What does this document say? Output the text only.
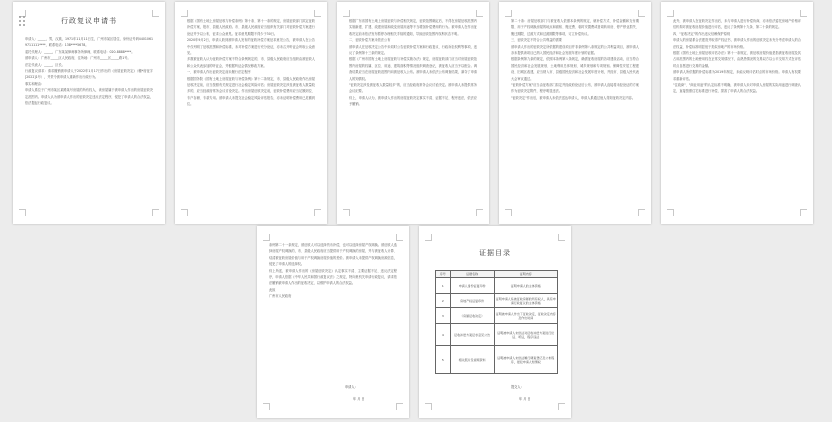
行政复议申请书
申请人：_____，男，汉族，1971年11月11日生，广州市某区居住，身份证号码44010619711111****，联系电话：138****5678。
委托代理人：_____，广东某某律师事务所律师，联系电话：020-8888****。
被申请人：广州市_____区人民政府，住所地：广州市_____区_____路1号。
法定代表人：_____，区长。
行政复议请求：请求撤销被申请人于2022年1月17日作出的《房屋征收决定》（穗*府征字[2022]1号），并责令被申请人重新作出行政行为。
事实和理由：
申请人系位于广州市某区某路某号房屋的所有权人，该房屋属于被申请人作出的房屋征收决定范围内。申请人认为被申请人作出的征收决定违反法定程序，侵犯了申请人的合法权益，依法提起行政复议。
根据《国有土地上房屋征收与补偿条例》第十条、第十一条的规定，房屋征收部门拟定征收补偿方案，报市、县级人民政府。市、县级人民政府应当组织有关部门对征收补偿方案进行论证并予以公布，征求公众意见。征求意见期限不得少于30日。
2020年9月2日，申请人收到被申请人发布的征收补偿方案征求意见公告，被申请人在公告中仅列明了征收范围和补偿标准，未对补偿方案进行充分论证，亦未召开听证会听取公众意见。
多数被征收人认为征收补偿方案不符合条例规定的，市、县级人民政府应当组织由被征收人和公众代表参加的听证会，并根据听证会情况修改方案。
一、被申请人作出征收决定前未履行法定程序
根据国务院《国有土地上房屋征收与补偿条例》第十二条规定，市、县级人民政府作出房屋征收决定前，应当按照有关规定进行社会稳定风险评估；房屋征收决定涉及被征收人数量较多的，应当经政府常务会议讨论决定。作出房屋征收决定前，征收补偿费用应当足额到位、专户存储、专款专用。被申请人未提交社会稳定风险评估报告，亦未证明补偿费用已足额到位。
根据广东省国有土地上房屋征收与补偿相关规定，征收范围确定后，不得在房屋征收范围内实施新建、扩建、改建房屋和改变房屋用途等不当增加补偿费用的行为。被申请人在作出征收决定前未依法发布暂停办理相关手续的通知，导致征收范围内权利状态不明。
二、征收补偿方案未依法公布
被申请人在征收决定公告中未同时公告征收补偿方案和行政复议、行政诉讼权利等事项，违反了条例第十三条的规定。
根据《广州市国有土地上房屋征收与补偿实施办法》规定，房屋征收部门应当对房屋征收范围内房屋的权属、区位、用途、建筑面积等情况组织调查登记，被征收人应当予以配合。调查结果应当在房屋征收范围内向被征收人公布。被申请人未依法公布调查结果，剥夺了申请人的知情权。
"征收决定涉及被征收人数量较多"的，应当经政府常务会议讨论决定。被申请人未提供常务会议纪要。
综上，申请人认为，被申请人作出的房屋征收决定事实不清、证据不足、程序违法，依法应予撤销。
第二十条：房屋征收部门与被征收人依照本条例的规定，就补偿方式、补偿金额和支付期限、用于产权调换房屋的地点和面积、搬迁费、临时安置费或者周转用房、停产停业损失、搬迁期限、过渡方式和过渡期限等事项，订立补偿协议。
三、征收决定不符合公共利益的需要
被申请人作出的征收决定所依据的建设项目并非条例第八条规定的公共利益项目，被申请人亦未提供该项目已纳入国民经济和社会发展年度计划的证据。
根据条例第九条的规定，依照本条例第八条规定，确需征收房屋的各项建设活动，应当符合国民经济和社会发展规划、土地利用总体规划、城乡规划和专项规划。保障性安居工程建设、旧城区改建，应当纳入市、县级国民经济和社会发展年度计划，并经市、县级人民代表大会审议通过。
"征收补偿方案"应当由征收部门拟定并经政府论证后公布，被申请人直接将未经论证的方案作为征收决定附件，程序明显违法。
"征收决定"作出后，被申请人未依法送达申请人，申请人系通过他人得知征收决定内容。
此外，被申请人在征收决定作出后，未与申请人进行补偿协商，亦未依法委托房地产价格评估机构对被征收房屋价值进行评估，违反了条例第十九条、第二十条的规定。
四、"征收决定"的作出违反信赖保护原则
申请人的房屋系合法建造并取得产权证书，被申请人作出的征收决定未充分考虑申请人的合法权益，补偿标准明显低于类似房地产的市场价格。
根据《国有土地上房屋征收评估办法》第十一条规定，被征收房屋价值是指被征收房屋及其占用范围内的土地使用权在正常交易情况下，由熟悉情况的交易双方以公平交易方式在评估时点自愿进行交易的金额。
被申请人所依据的补偿标准为2019年制定，未能反映评估时点的市场价格。申请人有权要求重新评估。
"住改商"、"商业用途"的认定标准不明确，被申请人未对申请人房屋的实际用途进行调查认定，直接按照住宅标准进行补偿，损害了申请人的合法权益。
条例第二十一条规定，被征收人可以选择货币补偿，也可以选择房屋产权调换。被征收人选择房屋产权调换的，市、县级人民政府应当提供用于产权调换的房屋，并与被征收人计算、结清被征收房屋价值与用于产权调换房屋价值的差价。被申请人未提供产权调换房源信息，侵犯了申请人的选择权。
综上所述，被申请人作出的《房屋征收决定》认定事实不清、主要证据不足、违反法定程序，申请人依据《中华人民共和国行政复议法》之规定，特向贵机关申请行政复议，请求依法撤销被申请人作出的征收决定，以维护申请人的合法权益。
此致
广州市人民政府
申请人：
年 月 日
证据目录
序号	证据名称	证明内容
1	申请人身份证复印件	证明申请人的主体资格
2	房地产权证复印件	证明申请人系被征收房屋的所有权人，具有申请行政复议的主体资格
3	《房屋征收决定》	证明被申请人作出了征收决定，征收决定内容及作出时间
4	征收补偿方案征求意见公告	证明被申请人未依法对征收补偿方案进行论证、听证，程序违法
5	相关照片及视频资料	证明被申请人未依法履行调查登记及公布程序，侵犯申请人知情权
提交人：
年 月 日
